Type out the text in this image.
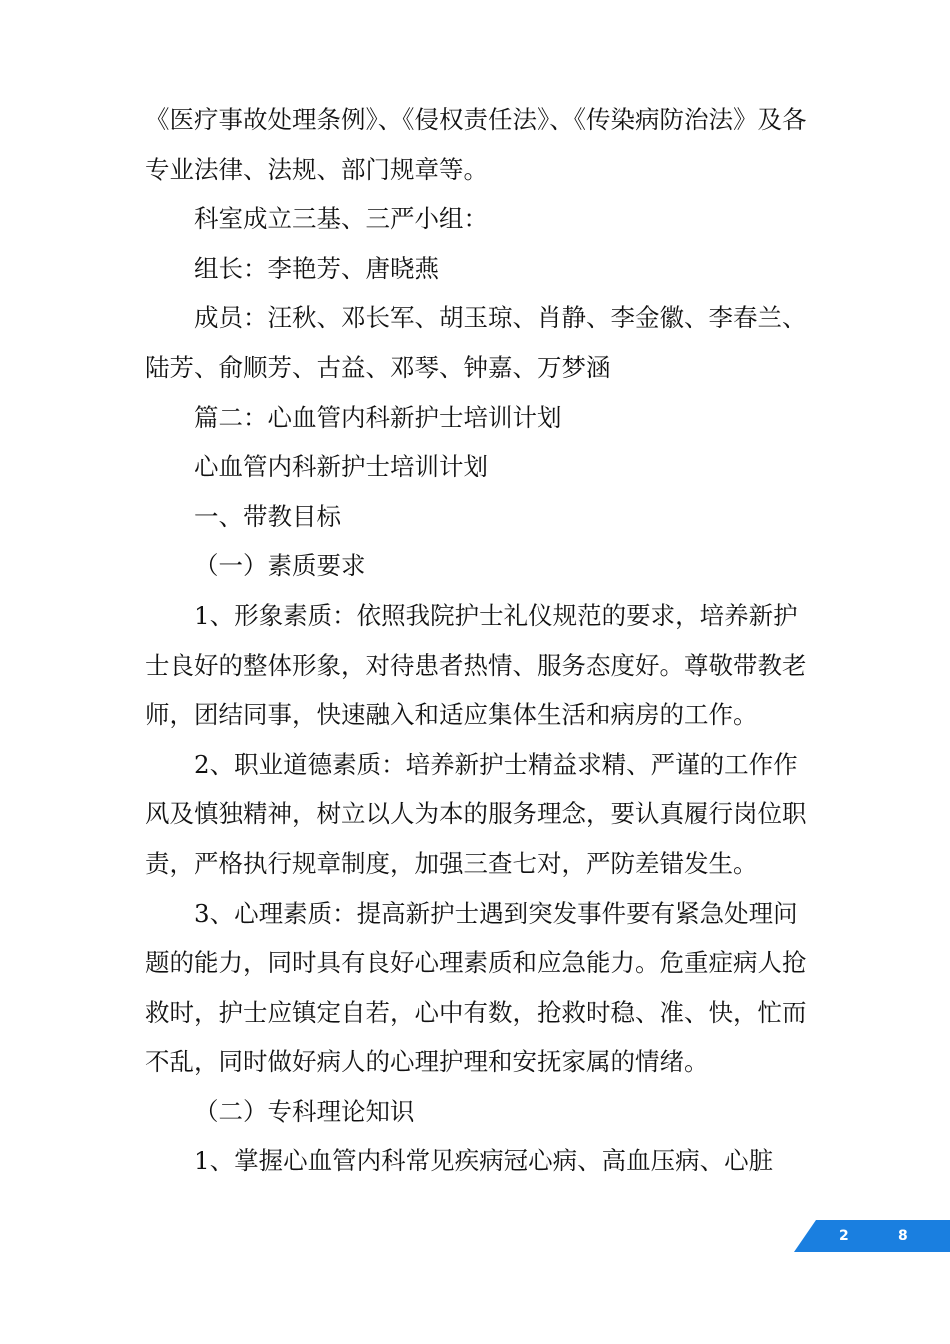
《医疗事故处理条例》、《侵权责任法》、《传染病防治法》及各专业法律、法规、部门规章等。

科室成立三基、三严小组：

组长：李艳芳、唐晓燕

成员：汪秋、邓长军、胡玉琼、肖静、李金徽、李春兰、陆芳、俞顺芳、古益、邓琴、钟嘉、万梦涵

篇二：心血管内科新护士培训计划

心血管内科新护士培训计划

一、带教目标

（一）素质要求

1、形象素质：依照我院护士礼仪规范的要求，培养新护士良好的整体形象，对待患者热情、服务态度好。尊敬带教老师，团结同事，快速融入和适应集体生活和病房的工作。

2、职业道德素质：培养新护士精益求精、严谨的工作作风及慎独精神，树立以人为本的服务理念，要认真履行岗位职责，严格执行规章制度，加强三查七对，严防差错发生。

3、心理素质：提高新护士遇到突发事件要有紧急处理问题的能力，同时具有良好心理素质和应急能力。危重症病人抢救时，护士应镇定自若，心中有数，抢救时稳、准、快，忙而不乱，同时做好病人的心理护理和安抚家属的情绪。

（二）专科理论知识

1、掌握心血管内科常见疾病冠心病、高血压病、心脏

2	8
